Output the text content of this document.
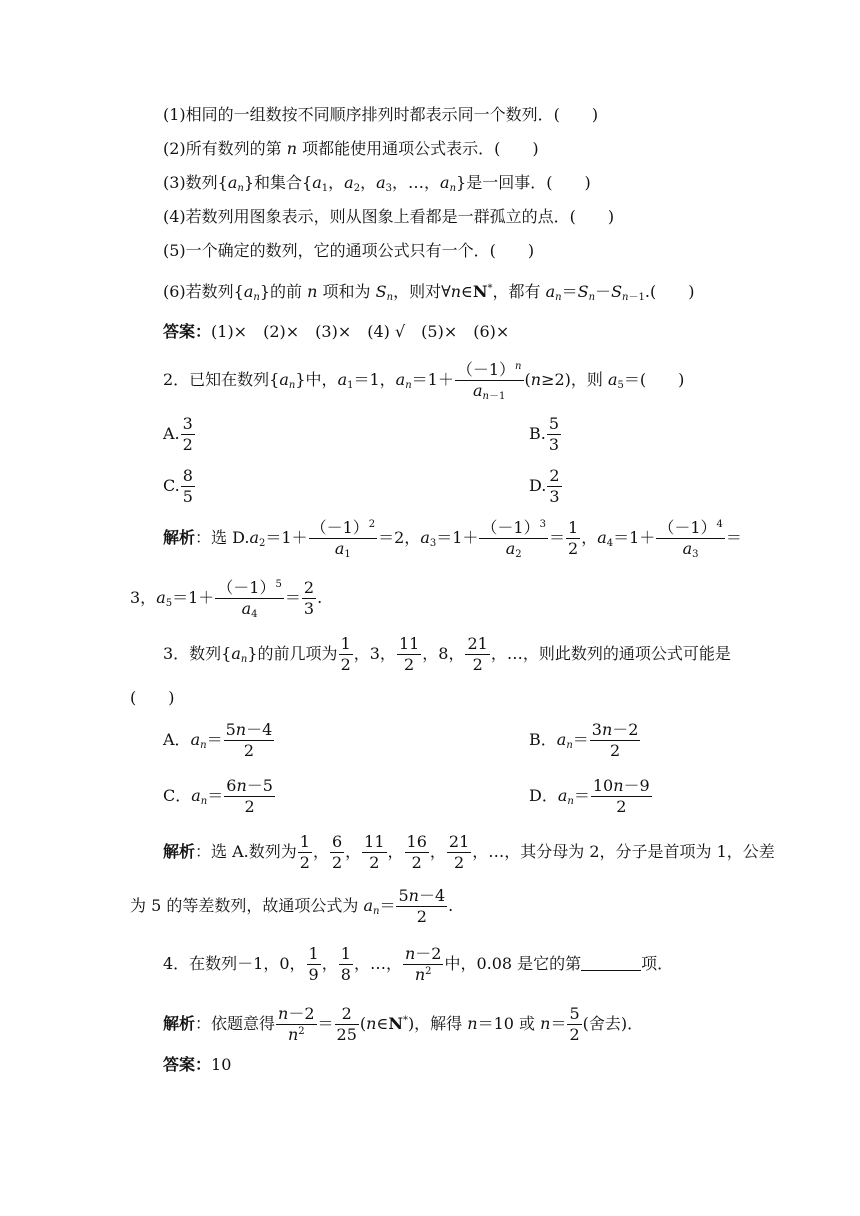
(1)相同的一组数按不同顺序排列时都表示同一个数列．(　　)
(2)所有数列的第 n 项都能使用通项公式表示．(　　)
(3)数列$\{a_n\}$和集合{$a_1$，$a_2$，$a_3$，…，$a_n$}是一回事．(　　)
(4)若数列用图象表示，则从图象上看都是一群孤立的点．(　　)
(5)一个确定的数列，它的通项公式只有一个．(　　)
(6)若数列$\{a_n\}$的前 n 项和为 $S_n$，则对∀n∈N*，都有 $a_n=S_n-S_{n-1}$.(　　)
答案：(1)×　(2)×　(3)×　(4) √　(5)×　(6)×
2．已知在数列$\{a_n\}$中，$a_1=1$，$a_n=1+ \frac{(-1)^n}{a_{n-1}} (n\ge 2)$，则 $a_5=$(　　)
A. $\frac{3}{2}$	B. $\frac{5}{3}$
C. $\frac{8}{5}$	D. $\frac{2}{3}$
解析：选 $D.a_2=1+ \frac{(-1)^2}{a_1} =2$，$a_3=1+ \frac{(-1)^3}{a_2} = \frac{1}{2}$ ，$a_4=1+ \frac{(-1)^4}{a_3}$ ＝
3，$a_5=1+ \frac{(-1)^5}{a_4} = \frac{2}{3}$ .
3．数列$\{a_n\}$的前几项为 $\frac{1}{2}$ ，3， $\frac{11}{2}$ ，8， $\frac{21}{2}$ ，…，则此数列的通项公式可能是
(　　)
A．$a_n= \frac{5n-4}{2}$	B．$a_n= \frac{3n-2}{2}$
C．$a_n= \frac{6n-5}{2}$	D．$a_n= \frac{10n-9}{2}$
解析：选 A.数列为 $\frac{1}{2}$ ， $\frac{6}{2}$ ， $\frac{11}{2}$ ， $\frac{16}{2}$ ， $\frac{21}{2}$ ，…，其分母为 2，分子是首项为 1，公差
为 5 的等差数列，故通项公式为 $a_n= \frac{5n-4}{2}$ .
4．在数列－1，0， $\frac{1}{9}$ ， $\frac{1}{8}$ ，…， $\frac{n-2}{n^2}$ 中，0.08 是它的第	项．
解析：依题意得 $\frac{n-2}{n^2} = \frac{2}{25}$ (n∈N*)，解得 n＝10 或 $n= \frac{5}{2}$ (舍去)．
答案：10
